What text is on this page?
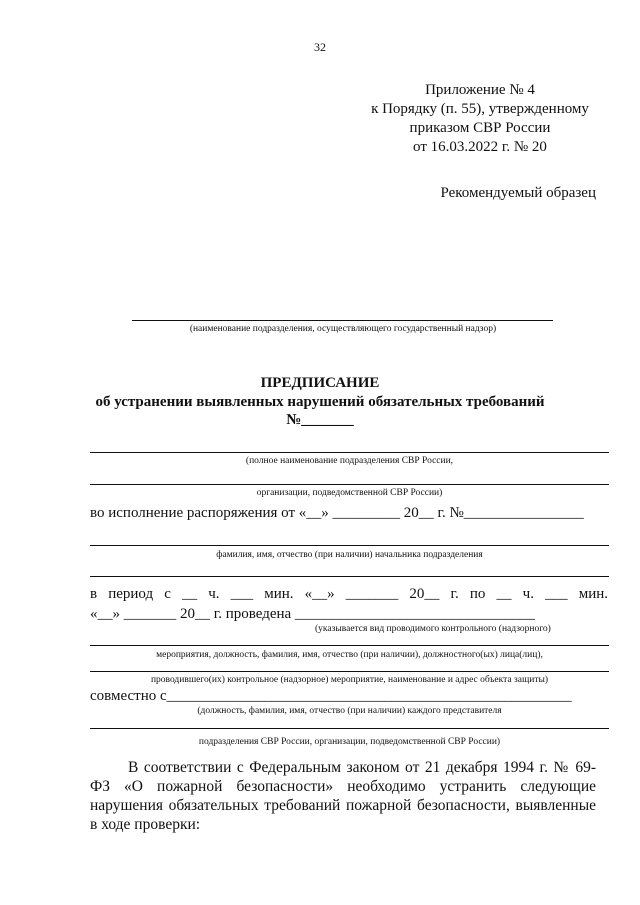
32
Приложение № 4
к Порядку (п. 55), утвержденному
приказом СВР России
от 16.03.2022 г. № 20
Рекомендуемый образец
(наименование подразделения, осуществляющего государственный надзор)
ПРЕДПИСАНИЕ
об устранении выявленных нарушений обязательных требований
№_______
(полное наименование подразделения СВР России,
организации, подведомственной СВР России)
во исполнение распоряжения от «__» _________ 20__ г. №________________
фамилия, имя, отчество (при наличии) начальника подразделения
в период с __ ч. ___ мин. «__» _______ 20__ г. по __ ч. ___ мин.
«__» _______ 20__ г. проведена ________________________________
(указывается вид проводимого контрольного (надзорного)
мероприятия, должность, фамилия, имя, отчество (при наличии), должностного(ых) лица(лиц),
проводившего(их) контрольное (надзорное) мероприятие, наименование и адрес объекта защиты)
совместно с______________________________________________________
(должность, фамилия, имя, отчество (при наличии) каждого представителя
подразделения СВР России, организации, подведомственной СВР России)
В соответствии с Федеральным законом от 21 декабря 1994 г. № 69-ФЗ «О пожарной безопасности» необходимо устранить следующие нарушения обязательных требований пожарной безопасности, выявленные в ходе проверки:
